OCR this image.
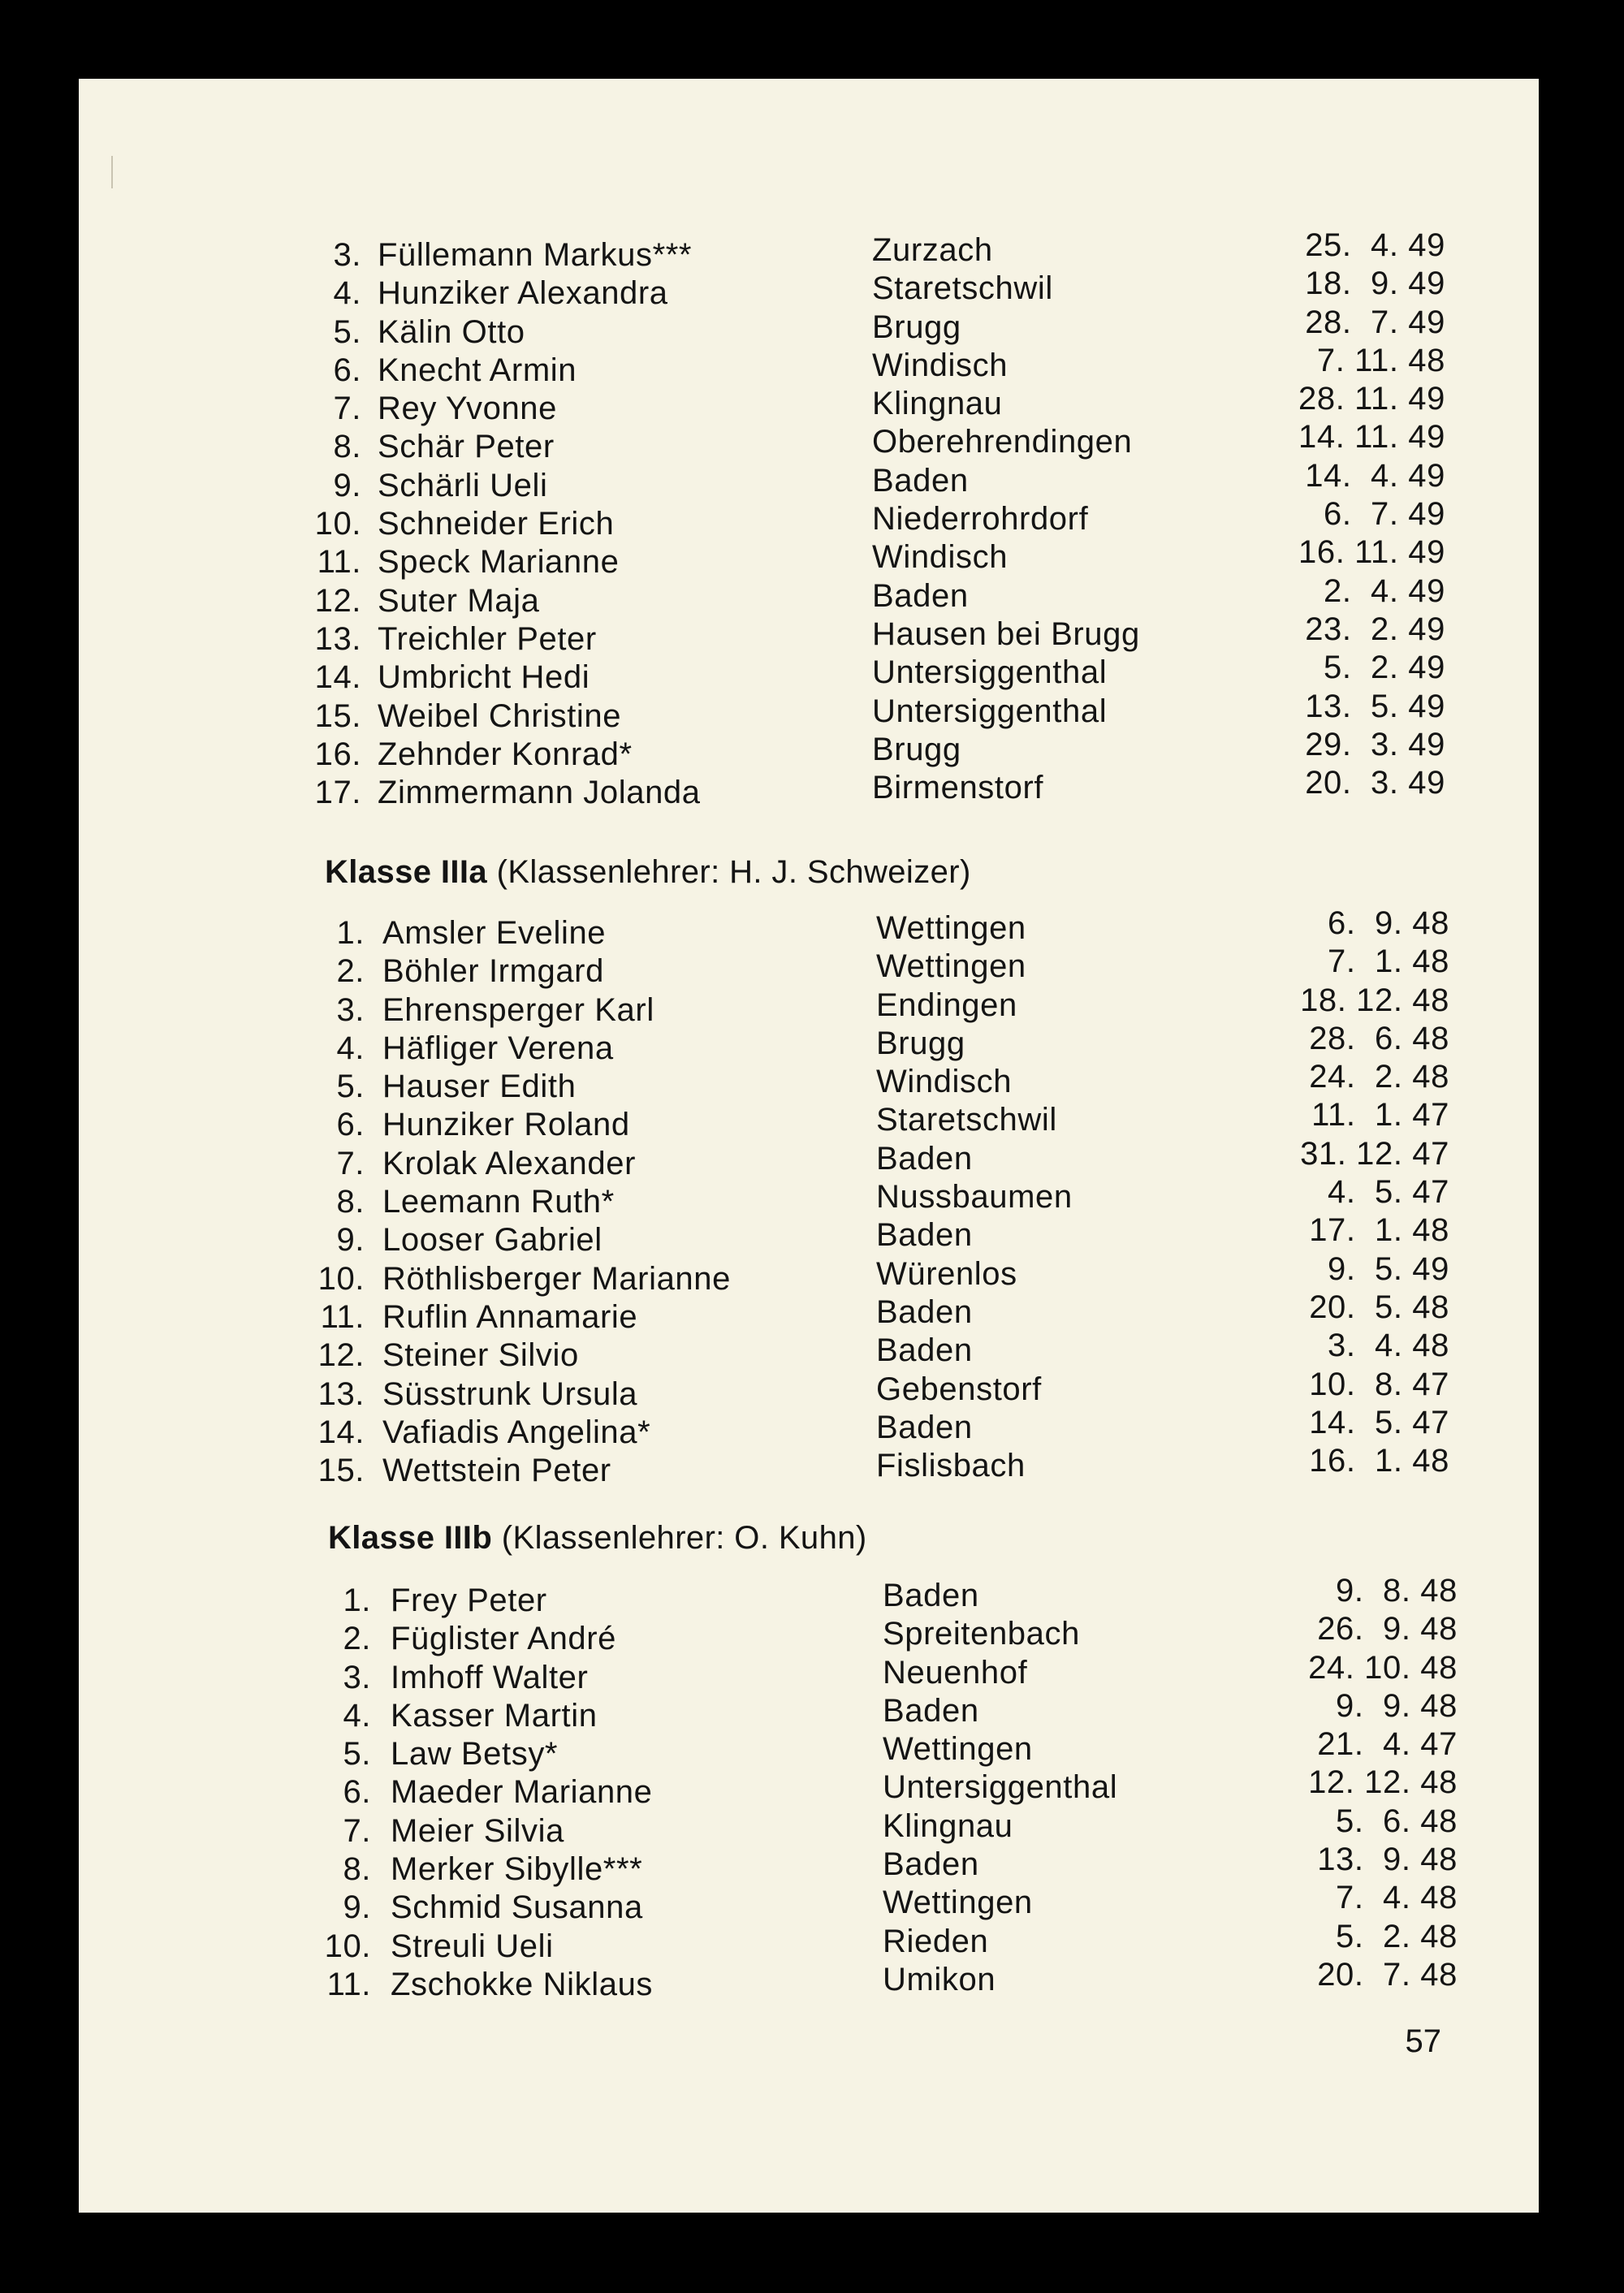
3. Füllemann Markus***	Zurzach	25.  4. 49
4. Hunziker Alexandra	Staretschwil	18.  9. 49
5. Kälin Otto	Brugg	28.  7. 49
6. Knecht Armin	Windisch	7. 11. 48
7. Rey Yvonne	Klingnau	28. 11. 49
8. Schär Peter	Oberehrendingen	14. 11. 49
9. Schärli Ueli	Baden	14.  4. 49
10. Schneider Erich	Niederrohrdorf	6.  7. 49
11. Speck Marianne	Windisch	16. 11. 49
12. Suter Maja	Baden	2.  4. 49
13. Treichler Peter	Hausen bei Brugg	23.  2. 49
14. Umbricht Hedi	Untersiggenthal	5.  2. 49
15. Weibel Christine	Untersiggenthal	13.  5. 49
16. Zehnder Konrad*	Brugg	29.  3. 49
17. Zimmermann Jolanda	Birmenstorf	20.  3. 49
Klasse IIIa (Klassenlehrer: H. J. Schweizer)
1. Amsler Eveline	Wettingen	6.  9. 48
2. Böhler Irmgard	Wettingen	7.  1. 48
3. Ehrensperger Karl	Endingen	18. 12. 48
4. Häfliger Verena	Brugg	28.  6. 48
5. Hauser Edith	Windisch	24.  2. 48
6. Hunziker Roland	Staretschwil	11.  1. 47
7. Krolak Alexander	Baden	31. 12. 47
8. Leemann Ruth*	Nussbaumen	4.  5. 47
9. Looser Gabriel	Baden	17.  1. 48
10. Röthlisberger Marianne	Würenlos	9.  5. 49
11. Ruflin Annamarie	Baden	20.  5. 48
12. Steiner Silvio	Baden	3.  4. 48
13. Süsstrunk Ursula	Gebenstorf	10.  8. 47
14. Vafiadis Angelina*	Baden	14.  5. 47
15. Wettstein Peter	Fislisbach	16.  1. 48
Klasse IIIb (Klassenlehrer: O. Kuhn)
1. Frey Peter	Baden	9.  8. 48
2. Füglister André	Spreitenbach	26.  9. 48
3. Imhoff Walter	Neuenhof	24. 10. 48
4. Kasser Martin	Baden	9.  9. 48
5. Law Betsy*	Wettingen	21.  4. 47
6. Maeder Marianne	Untersiggenthal	12. 12. 48
7. Meier Silvia	Klingnau	5.  6. 48
8. Merker Sibylle***	Baden	13.  9. 48
9. Schmid Susanna	Wettingen	7.  4. 48
10. Streuli Ueli	Rieden	5.  2. 48
11. Zschokke Niklaus	Umikon	20.  7. 48
57
